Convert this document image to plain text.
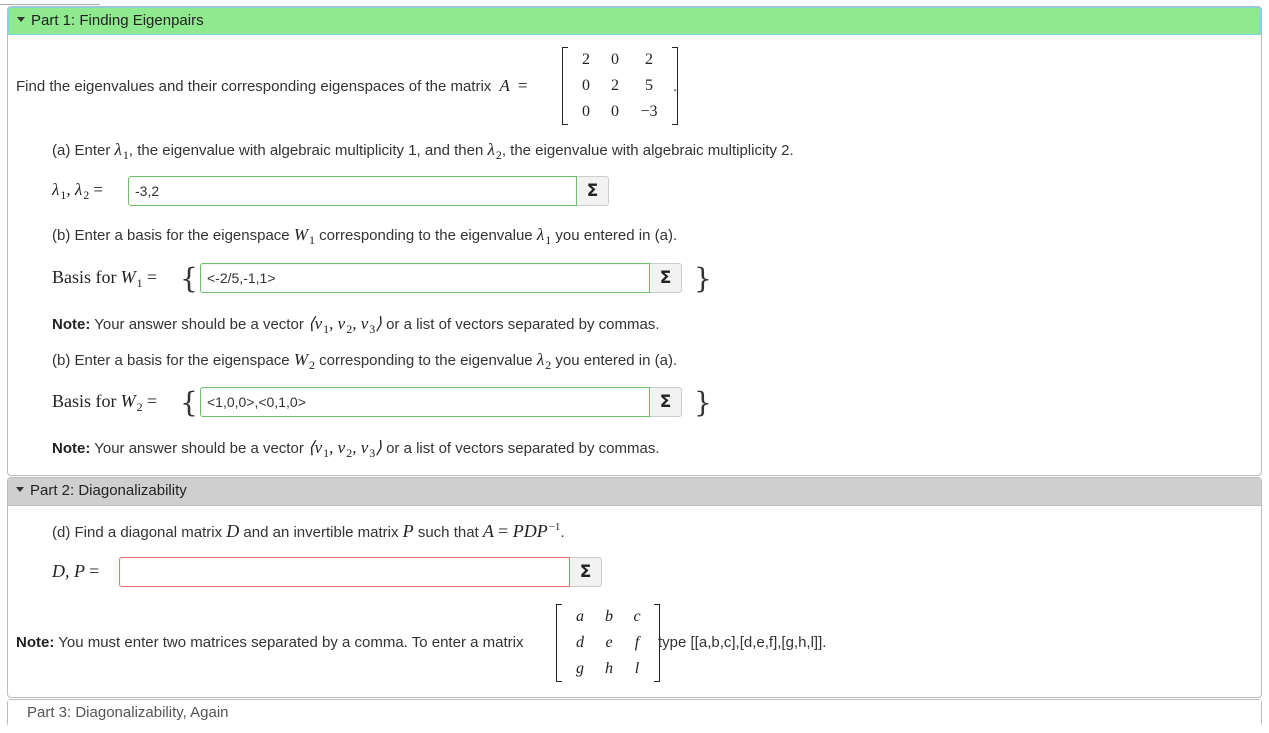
Part 1: Finding Eigenpairs
Find the eigenvalues and their corresponding eigenspaces of the matrix A =
2	0	2
0	2	5
0	0	−3
.
(a) Enter $\lambda_1$, the eigenvalue with algebraic multiplicity 1, and then $\lambda_2$, the eigenvalue with algebraic multiplicity 2.
$\lambda_1$, $\lambda_2$ =
-3,2	Σ
(b) Enter a basis for the eigenspace $W_1$ corresponding to the eigenvalue $\lambda_1$ you entered in (a).
Basis for $W_1$ = {
<-2/5,-1,1>	Σ }
Note: Your answer should be a vector $⟨v_1$, $v_2$, $v_3⟩$ or a list of vectors separated by commas.
(b) Enter a basis for the eigenspace $W_2$ corresponding to the eigenvalue $\lambda_2$ you entered in (a).
Basis for $W_2$ = {
<1,0,0>,<0,1,0>	Σ }
Note: Your answer should be a vector $⟨v_1$, $v_2$, $v_3⟩$ or a list of vectors separated by commas.
Part 2: Diagonalizability
(d) Find a diagonal matrix D and an invertible matrix P such that $A = PDP^{-1}$.
D, P =	Σ
Note: You must enter two matrices separated by a comma. To enter a matrix
a	b	c
d	e	f
g	h	l
type [[a,b,c],[d,e,f],[g,h,l]].
Part 3: Diagonalizability, Again
